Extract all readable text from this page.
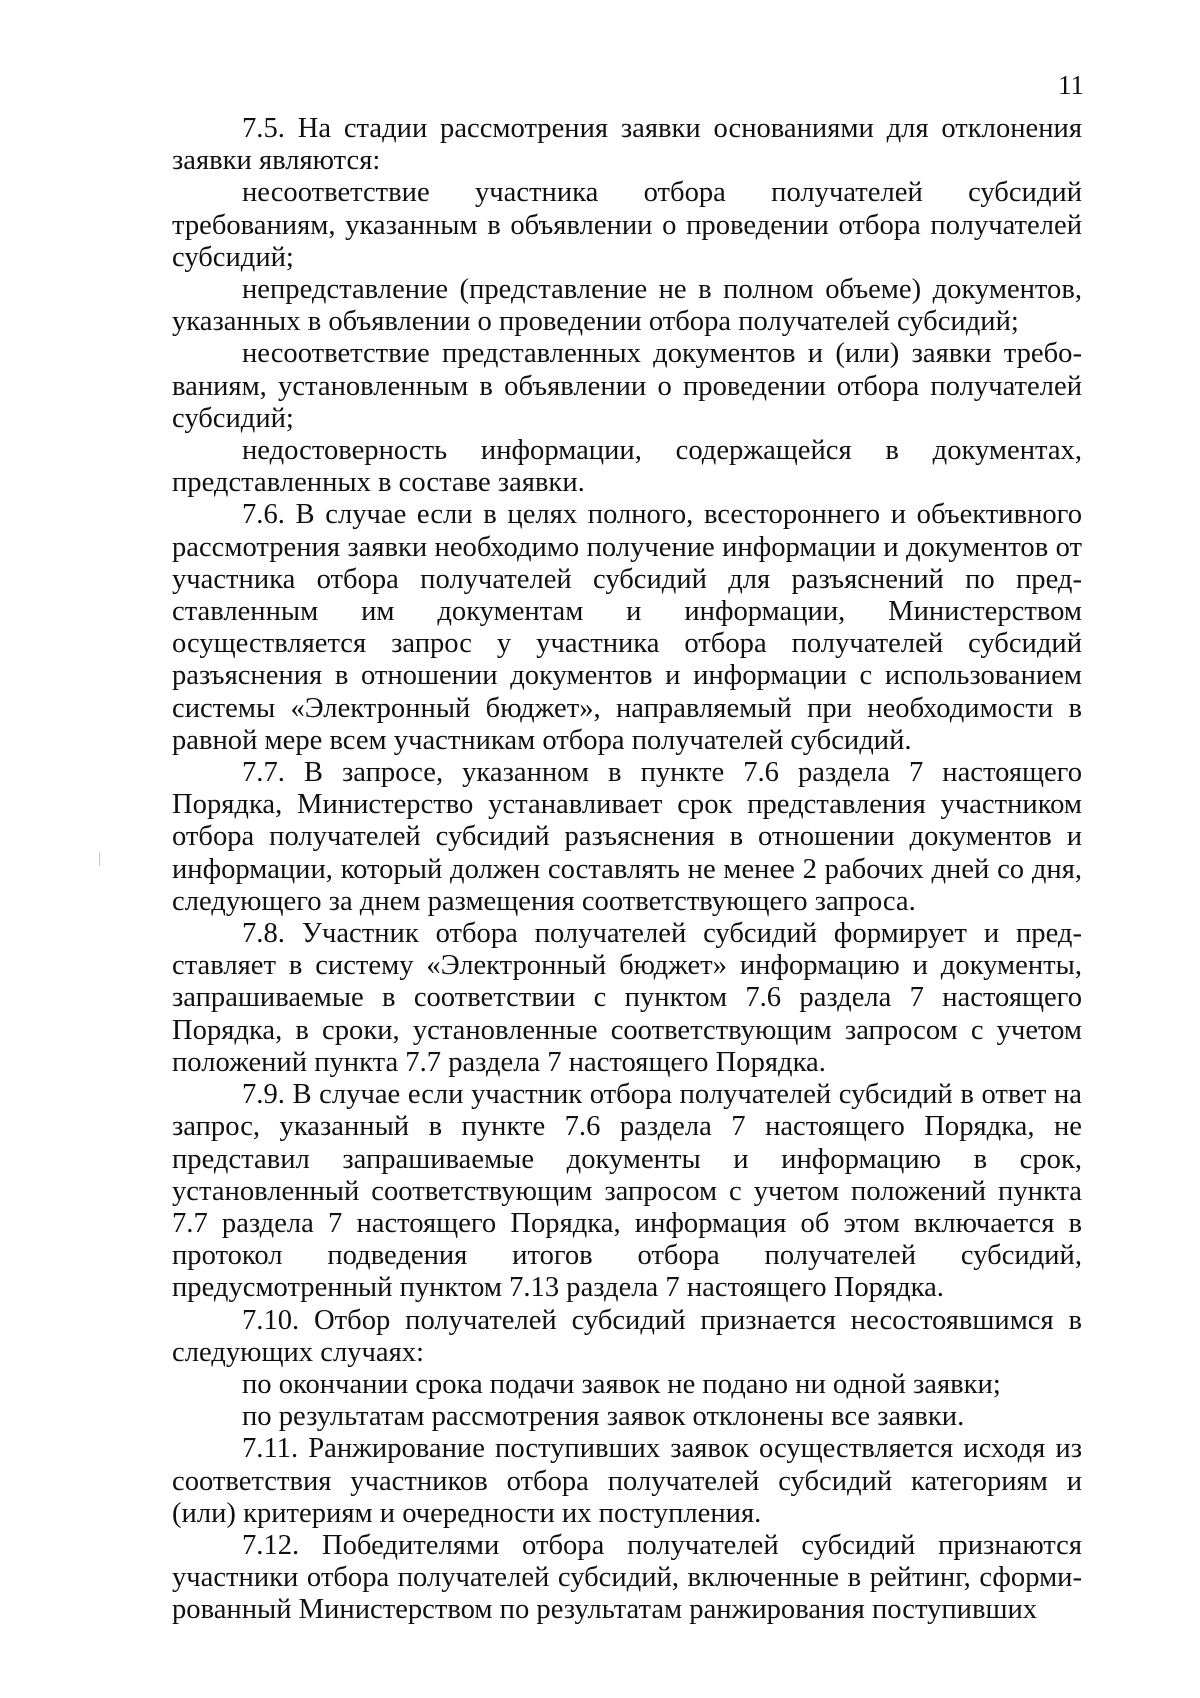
11

7.5. На стадии рассмотрения заявки основаниями для отклонения заявки являются:

несоответствие участника отбора получателей субсидий требованиям, указанным в объявлении о проведении отбора получателей субсидий;

непредставление (представление не в полном объеме) документов, указанных в объявлении о проведении отбора получателей субсидий;

несоответствие представленных документов и (или) заявки требованиям, установленным в объявлении о проведении отбора получателей субсидий;

недостоверность информации, содержащейся в документах, представленных в составе заявки.

7.6. В случае если в целях полного, всестороннего и объективного рассмотрения заявки необходимо получение информации и документов от участника отбора получателей субсидий для разъяснений по представленным им документам и информации, Министерством осуществляется запрос у участника отбора получателей субсидий разъяснения в отношении документов и информации с использованием системы «Электронный бюджет», направляемый при необходимости в равной мере всем участникам отбора получателей субсидий.

7.7. В запросе, указанном в пункте 7.6 раздела 7 настоящего Порядка, Министерство устанавливает срок представления участником отбора получателей субсидий разъяснения в отношении документов и информации, который должен составлять не менее 2 рабочих дней со дня, следующего за днем размещения соответствующего запроса.

7.8. Участник отбора получателей субсидий формирует и представляет в систему «Электронный бюджет» информацию и документы, запрашиваемые в соответствии с пунктом 7.6 раздела 7 настоящего Порядка, в сроки, установленные соответствующим запросом с учетом положений пункта 7.7 раздела 7 настоящего Порядка.

7.9. В случае если участник отбора получателей субсидий в ответ на запрос, указанный в пункте 7.6 раздела 7 настоящего Порядка, не представил запрашиваемые документы и информацию в срок, установленный соответствующим запросом с учетом положений пункта 7.7 раздела 7 настоящего Порядка, информация об этом включается в протокол подведения итогов отбора получателей субсидий, предусмотренный пунктом 7.13 раздела 7 настоящего Порядка.

7.10. Отбор получателей субсидий признается несостоявшимся в следующих случаях:

по окончании срока подачи заявок не подано ни одной заявки;

по результатам рассмотрения заявок отклонены все заявки.

7.11. Ранжирование поступивших заявок осуществляется исходя из соответствия участников отбора получателей субсидий категориям и (или) критериям и очередности их поступления.

7.12. Победителями отбора получателей субсидий признаются участники отбора получателей субсидий, включенные в рейтинг, сформированный Министерством по результатам ранжирования поступивших
